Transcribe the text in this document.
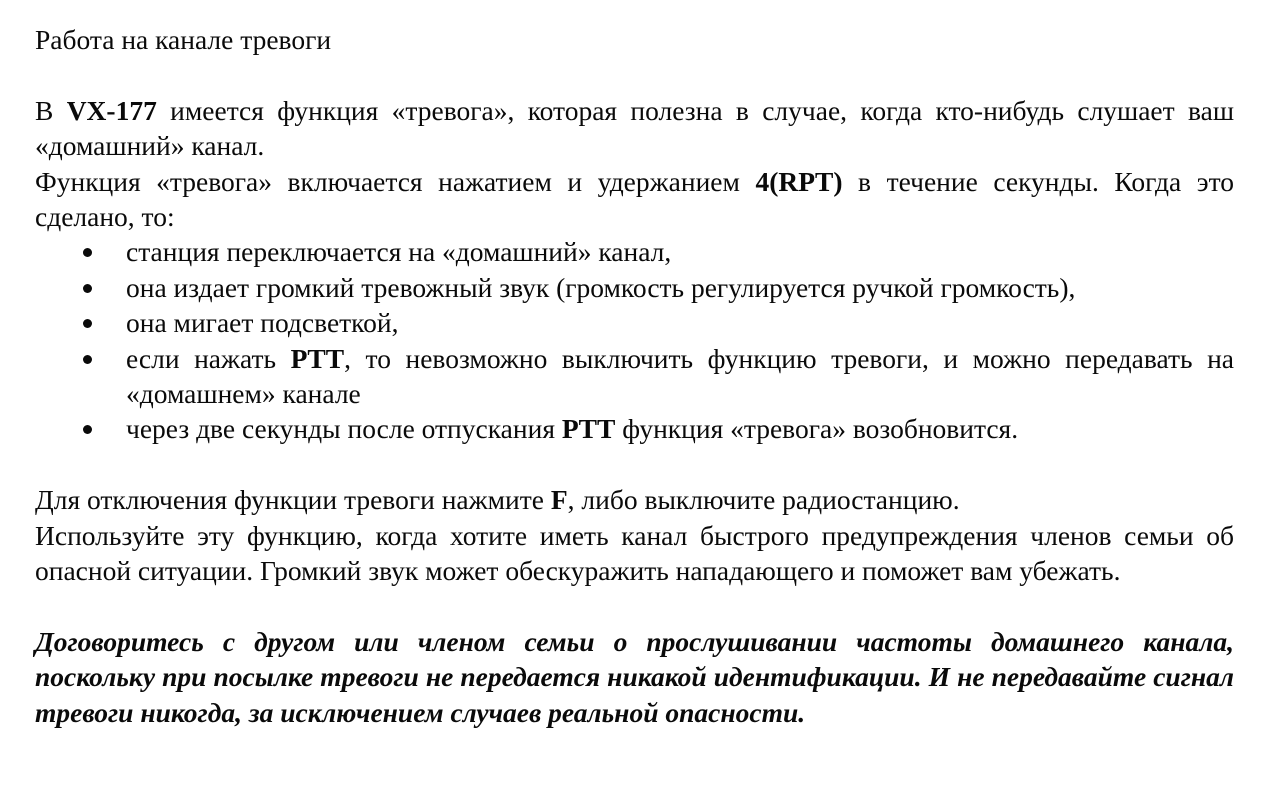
Работа на канале тревоги

В VX-177 имеется функция «тревога», которая полезна в случае, когда кто-нибудь слушает ваш «домашний» канал.

Функция «тревога» включается нажатием и удержанием 4(RPT) в течение секунды. Когда это сделано, то:

станция переключается на «домашний» канал,
она издает громкий тревожный звук (громкость регулируется ручкой громкость),
она мигает подсветкой,
если нажать PTT, то невозможно выключить функцию тревоги, и можно передавать на «домашнем» канале
через две секунды после отпускания PTT функция «тревога» возобновится.

Для отключения функции тревоги нажмите F, либо выключите радиостанцию.

Используйте эту функцию, когда хотите иметь канал быстрого предупреждения членов семьи об опасной ситуации. Громкий звук может обескуражить нападающего и поможет вам убежать.

Договоритесь с другом или членом семьи о прослушивании частоты домашнего канала, поскольку при посылке тревоги не передается никакой идентификации. И не передавайте сигнал тревоги никогда, за исключением случаев реальной опасности.
